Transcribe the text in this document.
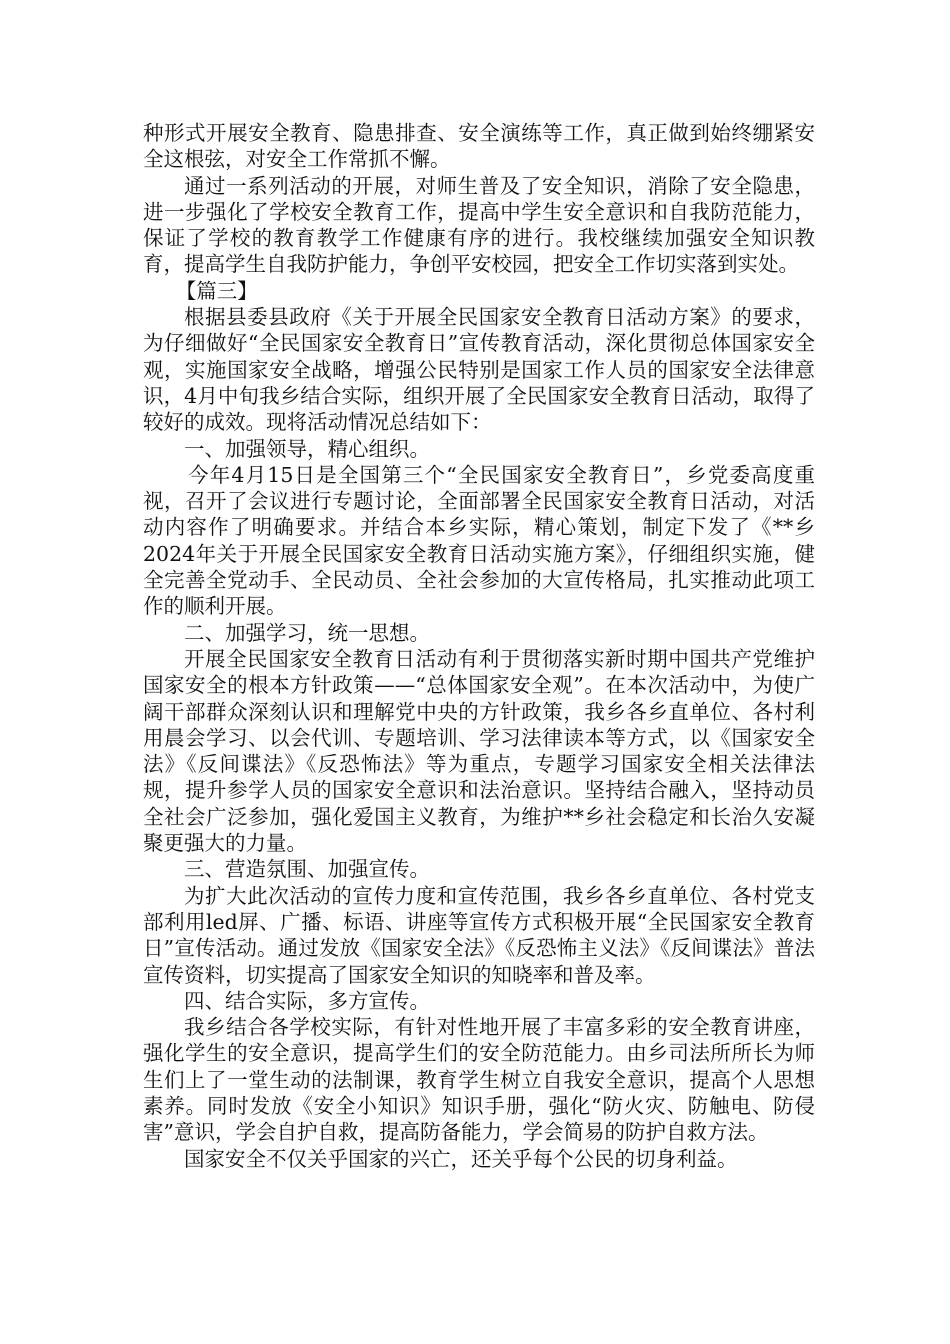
种形式开展安全教育、隐患排查、安全演练等工作，真正做到始终绷紧安全这根弦，对安全工作常抓不懈。

通过一系列活动的开展，对师生普及了安全知识，消除了安全隐患，进一步强化了学校安全教育工作，提高中学生安全意识和自我防范能力，保证了学校的教育教学工作健康有序的进行。我校继续加强安全知识教育，提高学生自我防护能力，争创平安校园，把安全工作切实落到实处。

【篇三】

根据县委县政府《关于开展全民国家安全教育日活动方案》的要求，为仔细做好“全民国家安全教育日”宣传教育活动，深化贯彻总体国家安全观，实施国家安全战略，增强公民特别是国家工作人员的国家安全法律意识，4月中旬我乡结合实际，组织开展了全民国家安全教育日活动，取得了较好的成效。现将活动情况总结如下：

一、加强领导，精心组织。

今年4月15日是全国第三个“全民国家安全教育日”，乡党委高度重视，召开了会议进行专题讨论，全面部署全民国家安全教育日活动，对活动内容作了明确要求。并结合本乡实际，精心策划，制定下发了《**乡2024年关于开展全民国家安全教育日活动实施方案》，仔细组织实施，健全完善全党动手、全民动员、全社会参加的大宣传格局，扎实推动此项工作的顺利开展。

二、加强学习，统一思想。

开展全民国家安全教育日活动有利于贯彻落实新时期中国共产党维护国家安全的根本方针政策——“总体国家安全观”。在本次活动中，为使广阔干部群众深刻认识和理解党中央的方针政策，我乡各乡直单位、各村利用晨会学习、以会代训、专题培训、学习法律读本等方式，以《国家安全法》《反间谍法》《反恐怖法》等为重点，专题学习国家安全相关法律法规，提升参学人员的国家安全意识和法治意识。坚持结合融入，坚持动员全社会广泛参加，强化爱国主义教育，为维护**乡社会稳定和长治久安凝聚更强大的力量。

三、营造氛围、加强宣传。

为扩大此次活动的宣传力度和宣传范围，我乡各乡直单位、各村党支部利用led屏、广播、标语、讲座等宣传方式积极开展“全民国家安全教育日”宣传活动。通过发放《国家安全法》《反恐怖主义法》《反间谍法》普法宣传资料，切实提高了国家安全知识的知晓率和普及率。

四、结合实际，多方宣传。

我乡结合各学校实际，有针对性地开展了丰富多彩的安全教育讲座，强化学生的安全意识，提高学生们的安全防范能力。由乡司法所所长为师生们上了一堂生动的法制课，教育学生树立自我安全意识，提高个人思想素养。同时发放《安全小知识》知识手册，强化“防火灾、防触电、防侵害”意识，学会自护自救，提高防备能力，学会简易的防护自救方法。

国家安全不仅关乎国家的兴亡，还关乎每个公民的切身利益。
